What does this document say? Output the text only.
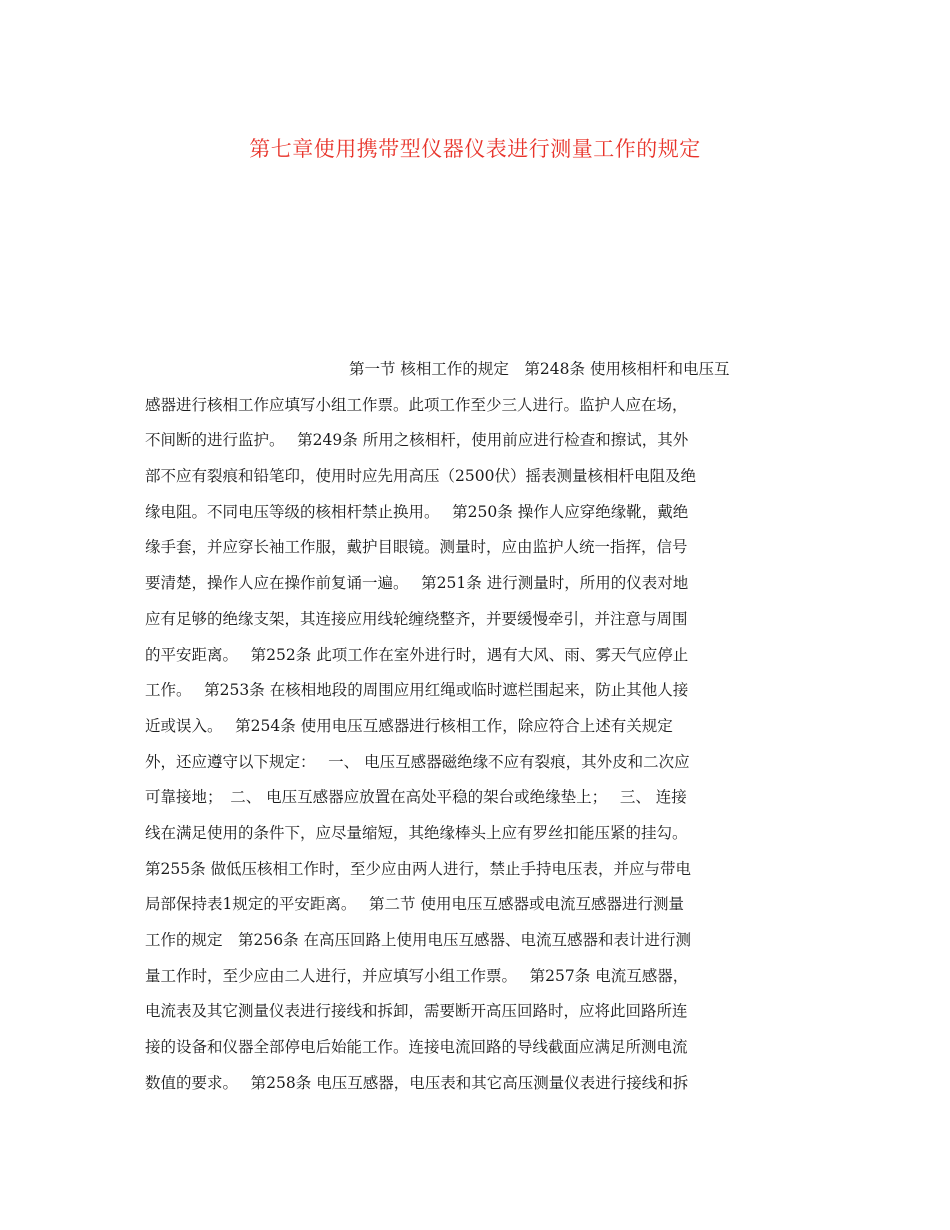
第七章使用携带型仪器仪表进行测量工作的规定
第一节 核相工作的规定　第248条 使用核相杆和电压互
感器进行核相工作应填写小组工作票。此项工作至少三人进行。监护人应在场，
不间断的进行监护。　 第249条 所用之核相杆，使用前应进行检查和擦试，其外
部不应有裂痕和铅笔印，使用时应先用高压（2500伏）摇表测量核相杆电阻及绝
缘电阻。不同电压等级的核相杆禁止换用。　 第250条 操作人应穿绝缘靴，戴绝
缘手套，并应穿长袖工作服，戴护目眼镜。测量时，应由监护人统一指挥，信号
要清楚，操作人应在操作前复诵一遍。　 第251条 进行测量时，所用的仪表对地
应有足够的绝缘支架，其连接应用线轮缠绕整齐，并要缓慢牵引，并注意与周围
的平安距离。　 第252条 此项工作在室外进行时，遇有大风、雨、雾天气应停止
工作。　 第253条 在核相地段的周围应用红绳或临时遮栏围起来，防止其他人接
近或误入。　 第254条 使用电压互感器进行核相工作，除应符合上述有关规定
外，还应遵守以下规定：　 一、 电压互感器磁绝缘不应有裂痕，其外皮和二次应
可靠接地；　二、 电压互感器应放置在高处平稳的架台或绝缘垫上；　 三、 连接
线在满足使用的条件下，应尽量缩短，其绝缘棒头上应有罗丝扣能压紧的挂勾。
第255条 做低压核相工作时，至少应由两人进行，禁止手持电压表，并应与带电
局部保持表1规定的平安距离。　 第二节 使用电压互感器或电流互感器进行测量
工作的规定　第256条 在高压回路上使用电压互感器、电流互感器和表计进行测
量工作时，至少应由二人进行，并应填写小组工作票。　 第257条 电流互感器，
电流表及其它测量仪表进行接线和拆卸，需要断开高压回路时，应将此回路所连
接的设备和仪器全部停电后始能工作。连接电流回路的导线截面应满足所测电流
数值的要求。　 第258条 电压互感器，电压表和其它高压测量仪表进行接线和拆
